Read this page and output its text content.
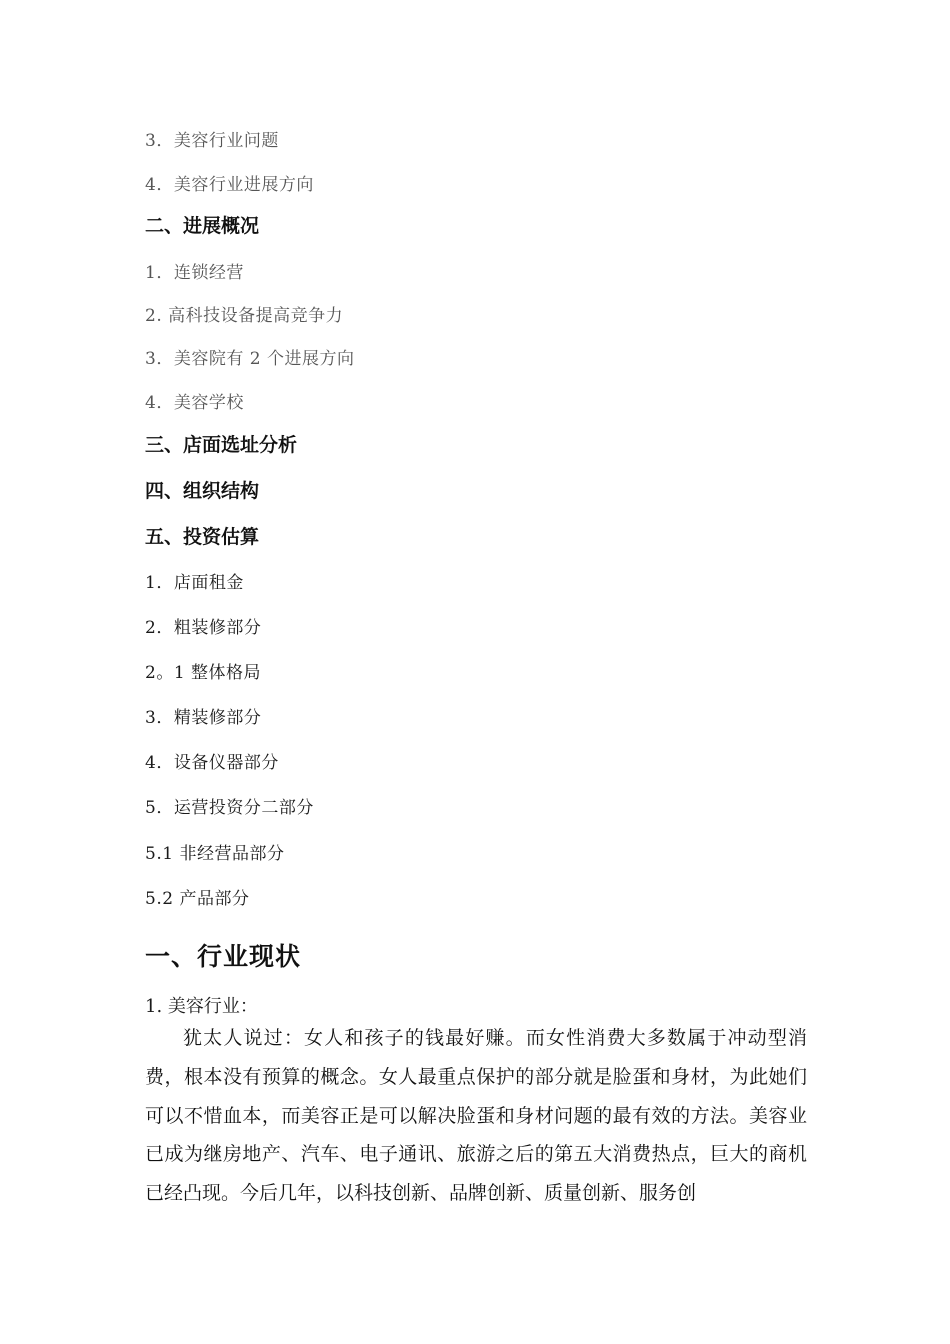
3．美容行业问题
4．美容行业进展方向
二、进展概况
1．连锁经营
2. 高科技设备提高竞争力
3．美容院有 2 个进展方向
4．美容学校
三、店面选址分析
四、组织结构
五、投资估算
1．店面租金
2．粗装修部分
2。1 整体格局
3．精装修部分
4．设备仪器部分
5．运营投资分二部分
5.1 非经营品部分
5.2 产品部分
一、行业现状
1. 美容行业：

犹太人说过：女人和孩子的钱最好赚。而女性消费大多数属于冲动型消费，根本没有预算的概念。女人最重点保护的部分就是脸蛋和身材，为此她们可以不惜血本，而美容正是可以解决脸蛋和身材问题的最有效的方法。美容业已成为继房地产、汽车、电子通讯、旅游之后的第五大消费热点，巨大的商机已经凸现。今后几年，以科技创新、品牌创新、质量创新、服务创
